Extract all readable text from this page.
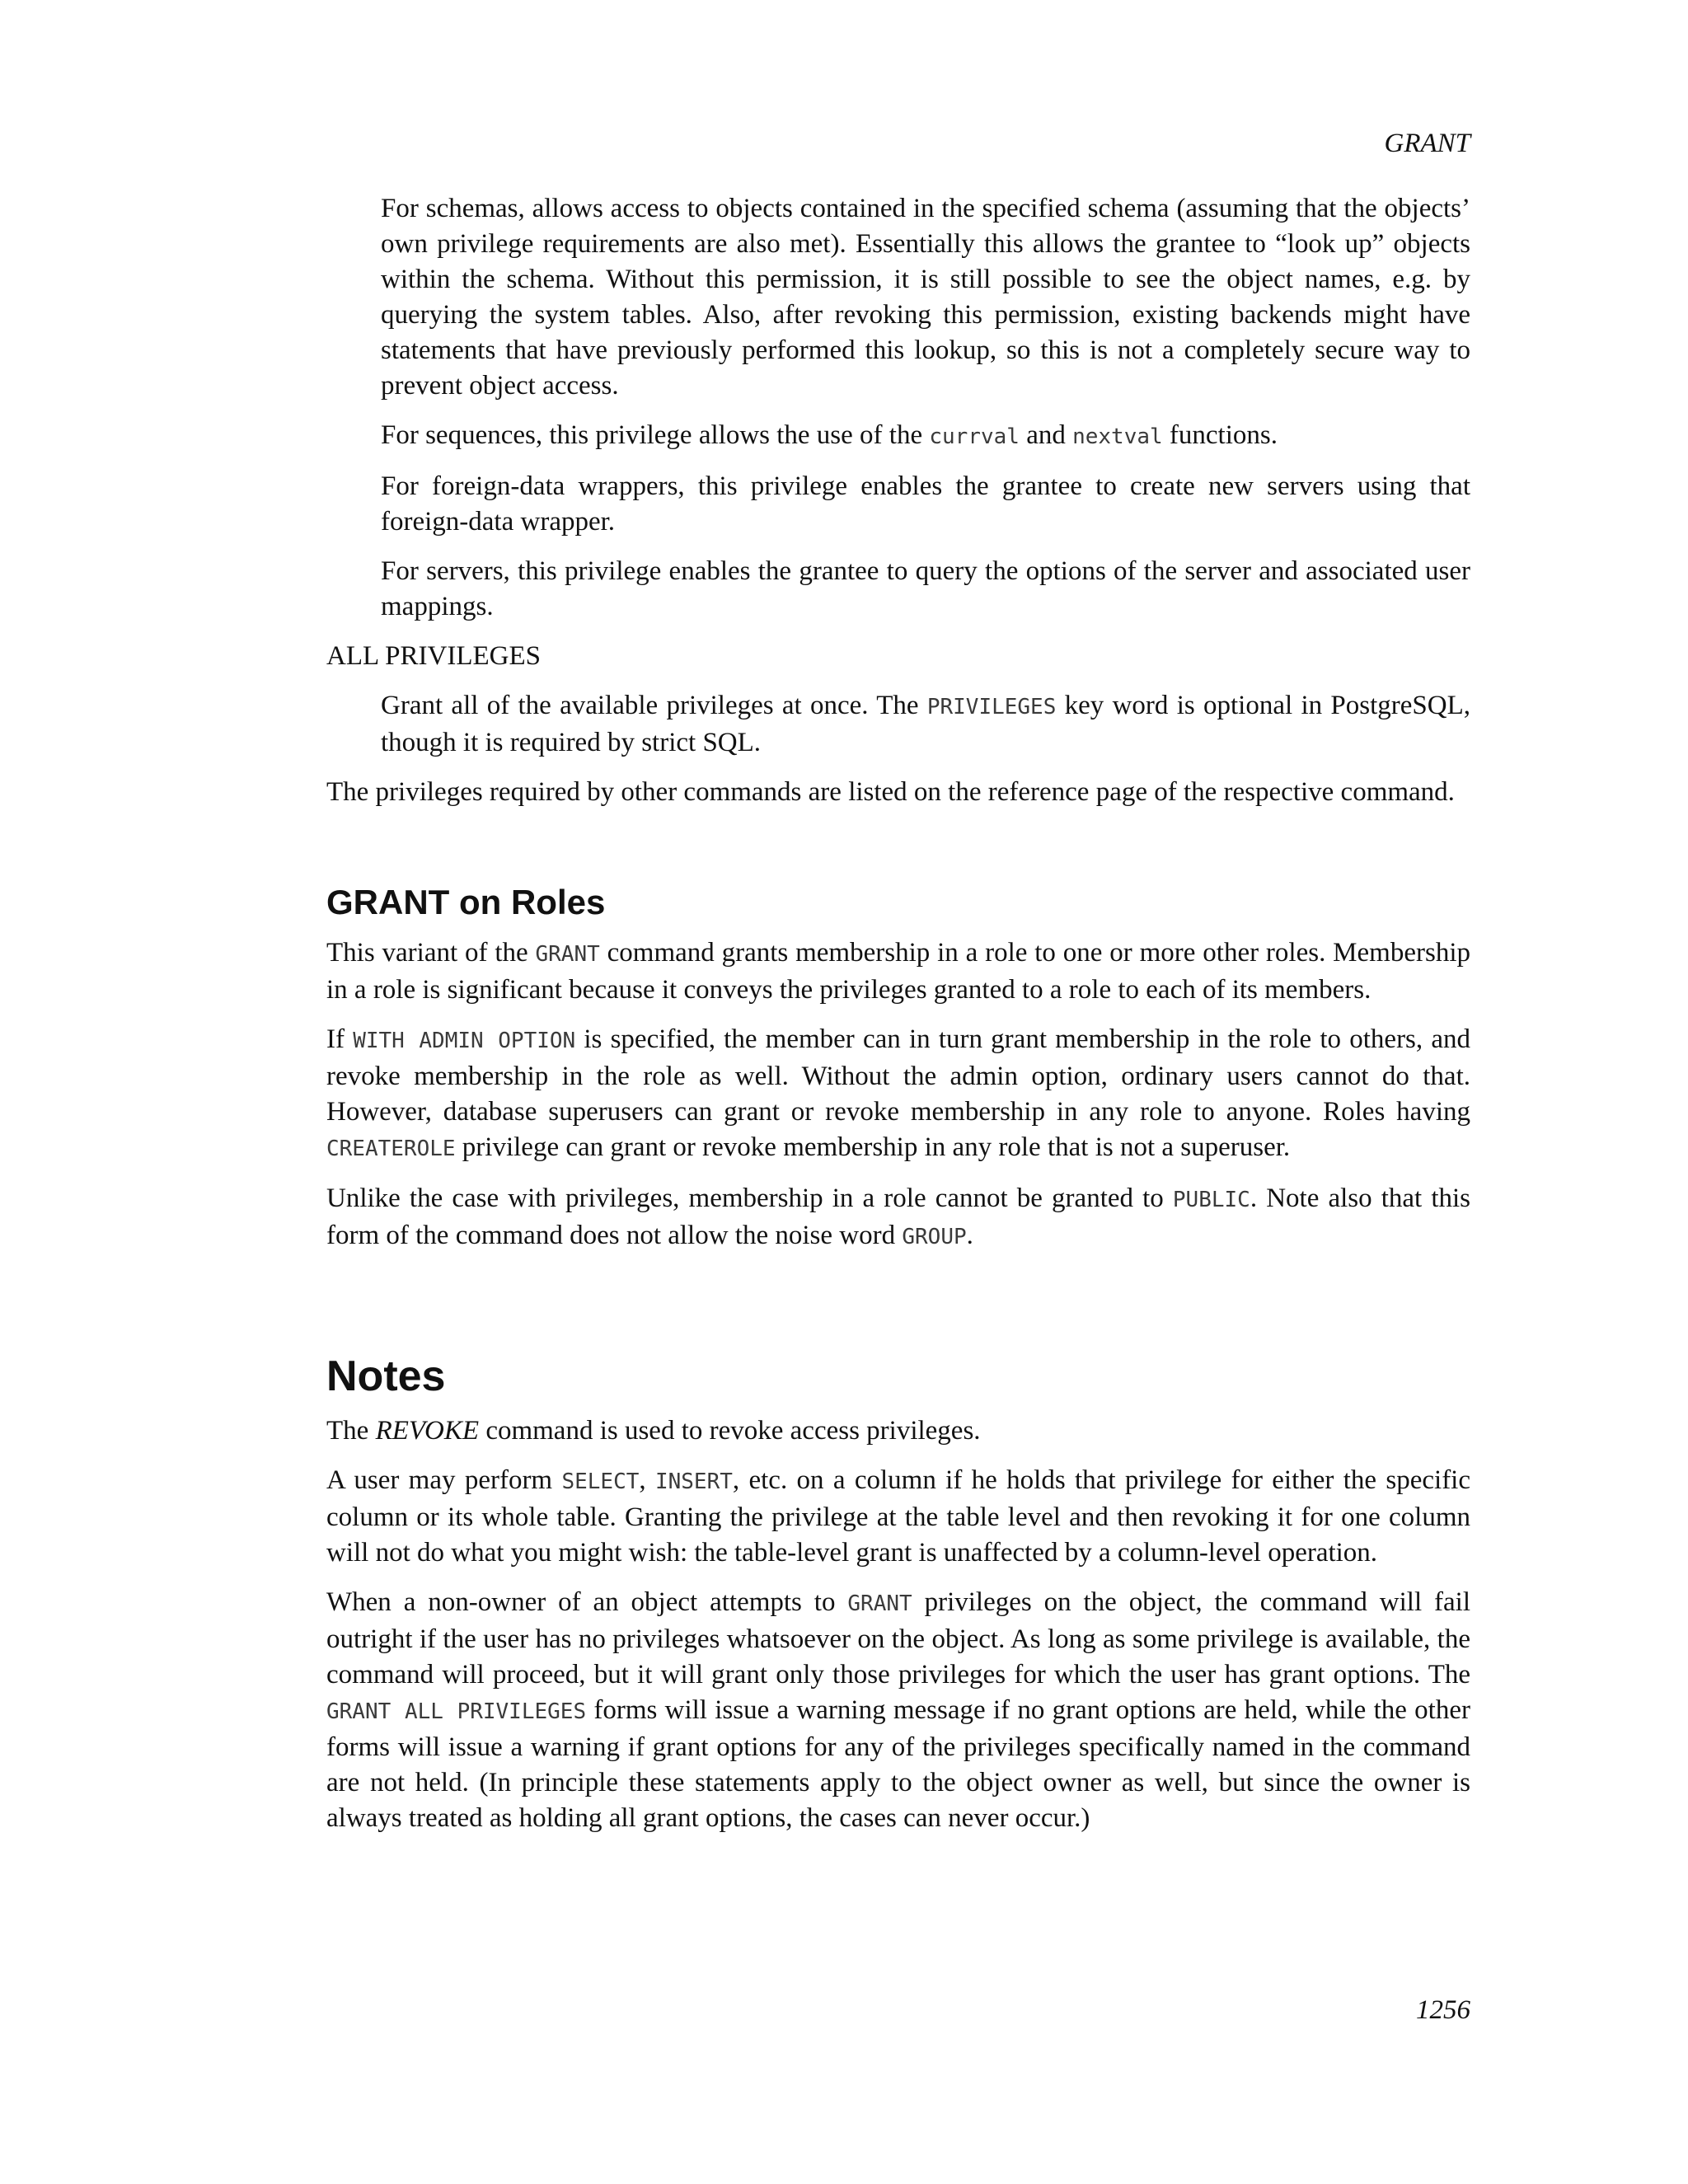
GRANT

For schemas, allows access to objects contained in the specified schema (assuming that the objects’ own privilege requirements are also met). Essentially this allows the grantee to “look up” objects within the schema. Without this permission, it is still possible to see the object names, e.g. by querying the system tables. Also, after revoking this permission, existing backends might have statements that have previously performed this lookup, so this is not a completely secure way to prevent object access.

For sequences, this privilege allows the use of the currval and nextval functions.

For foreign-data wrappers, this privilege enables the grantee to create new servers using that foreign-data wrapper.

For servers, this privilege enables the grantee to query the options of the server and associated user mappings.

ALL PRIVILEGES

Grant all of the available privileges at once. The PRIVILEGES key word is optional in PostgreSQL, though it is required by strict SQL.

The privileges required by other commands are listed on the reference page of the respective command.

GRANT on Roles

This variant of the GRANT command grants membership in a role to one or more other roles. Membership in a role is significant because it conveys the privileges granted to a role to each of its members.

If WITH ADMIN OPTION is specified, the member can in turn grant membership in the role to others, and revoke membership in the role as well. Without the admin option, ordinary users cannot do that. However, database superusers can grant or revoke membership in any role to anyone. Roles having CREATEROLE privilege can grant or revoke membership in any role that is not a superuser.

Unlike the case with privileges, membership in a role cannot be granted to PUBLIC. Note also that this form of the command does not allow the noise word GROUP.

Notes

The REVOKE command is used to revoke access privileges.

A user may perform SELECT, INSERT, etc. on a column if he holds that privilege for either the specific column or its whole table. Granting the privilege at the table level and then revoking it for one column will not do what you might wish: the table-level grant is unaffected by a column-level operation.

When a non-owner of an object attempts to GRANT privileges on the object, the command will fail outright if the user has no privileges whatsoever on the object. As long as some privilege is available, the command will proceed, but it will grant only those privileges for which the user has grant options. The GRANT ALL PRIVILEGES forms will issue a warning message if no grant options are held, while the other forms will issue a warning if grant options for any of the privileges specifically named in the command are not held. (In principle these statements apply to the object owner as well, but since the owner is always treated as holding all grant options, the cases can never occur.)

1256
